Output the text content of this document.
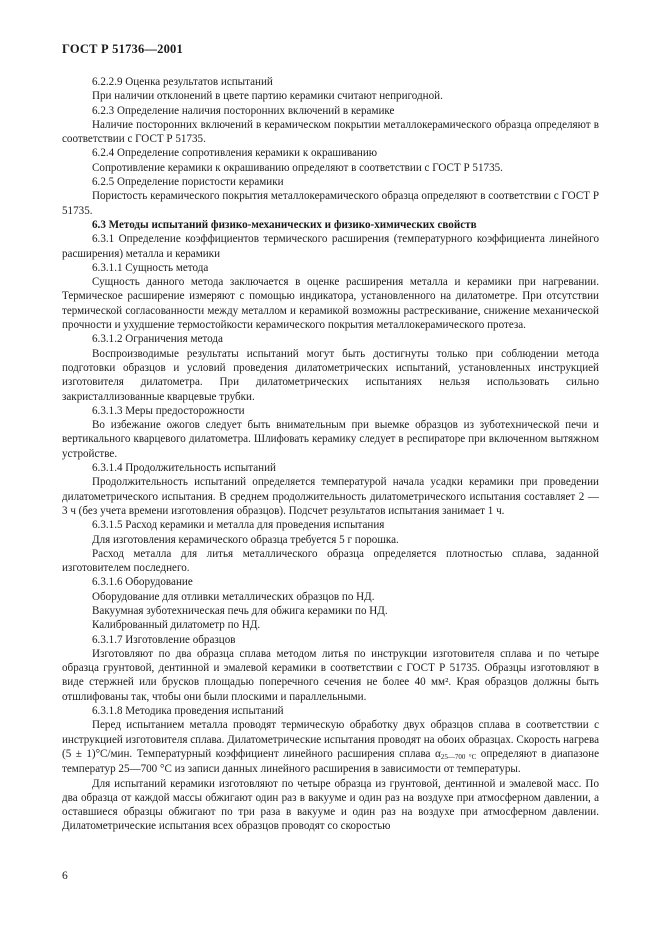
ГОСТ Р 51736—2001

6.2.2.9 Оценка результатов испытаний

При наличии отклонений в цвете партию керамики считают непригодной.

6.2.3 Определение наличия посторонних включений в керамике

Наличие посторонних включений в керамическом покрытии металлокерамического образца определяют в соответствии с ГОСТ Р 51735.

6.2.4 Определение сопротивления керамики к окрашиванию

Сопротивление керамики к окрашиванию определяют в соответствии с ГОСТ Р 51735.

6.2.5 Определение пористости керамики

Пористость керамического покрытия металлокерамического образца определяют в соответствии с ГОСТ Р 51735.

6.3 Методы испытаний физико-механических и физико-химических свойств

6.3.1 Определение коэффициентов термического расширения (температурного коэффициента линейного расширения) металла и керамики

6.3.1.1 Сущность метода

Сущность данного метода заключается в оценке расширения металла и керамики при нагревании. Термическое расширение измеряют с помощью индикатора, установленного на дилатометре. При отсутствии термической согласованности между металлом и керамикой возможны растрескивание, снижение механической прочности и ухудшение термостойкости керамического покрытия металлокерамического протеза.

6.3.1.2 Ограничения метода

Воспроизводимые результаты испытаний могут быть достигнуты только при соблюдении метода подготовки образцов и условий проведения дилатометрических испытаний, установленных инструкцией изготовителя дилатометра. При дилатометрических испытаниях нельзя использовать сильно закристаллизованные кварцевые трубки.

6.3.1.3 Меры предосторожности

Во избежание ожогов следует быть внимательным при выемке образцов из зуботехнической печи и вертикального кварцевого дилатометра. Шлифовать керамику следует в респираторе при включенном вытяжном устройстве.

6.3.1.4 Продолжительность испытаний

Продолжительность испытаний определяется температурой начала усадки керамики при проведении дилатометрического испытания. В среднем продолжительность дилатометрического испытания составляет 2 — 3 ч (без учета времени изготовления образцов). Подсчет результатов испытания занимает 1 ч.

6.3.1.5 Расход керамики и металла для проведения испытания

Для изготовления керамического образца требуется 5 г порошка.

Расход металла для литья металлического образца определяется плотностью сплава, заданной изготовителем последнего.

6.3.1.6 Оборудование

Оборудование для отливки металлических образцов по НД.

Вакуумная зуботехническая печь для обжига керамики по НД.

Калиброванный дилатометр по НД.

6.3.1.7 Изготовление образцов

Изготовляют по два образца сплава методом литья по инструкции изготовителя сплава и по четыре образца грунтовой, дентинной и эмалевой керамики в соответствии с ГОСТ Р 51735. Образцы изготовляют в виде стержней или брусков площадью поперечного сечения не более 40 мм². Края образцов должны быть отшлифованы так, чтобы они были плоскими и параллельными.

6.3.1.8 Методика проведения испытаний

Перед испытанием металла проводят термическую обработку двух образцов сплава в соответствии с инструкцией изготовителя сплава. Дилатометрические испытания проводят на обоих образцах. Скорость нагрева (5 ± 1)°С/мин. Температурный коэффициент линейного расширения сплава α25—700 °С определяют в диапазоне температур 25—700 °С из записи данных линейного расширения в зависимости от температуры.

Для испытаний керамики изготовляют по четыре образца из грунтовой, дентинной и эмалевой масс. По два образца от каждой массы обжигают один раз в вакууме и один раз на воздухе при атмосферном давлении, а оставшиеся образцы обжигают по три раза в вакууме и один раз на воздухе при атмосферном давлении. Дилатометрические испытания всех образцов проводят со скоростью

6
